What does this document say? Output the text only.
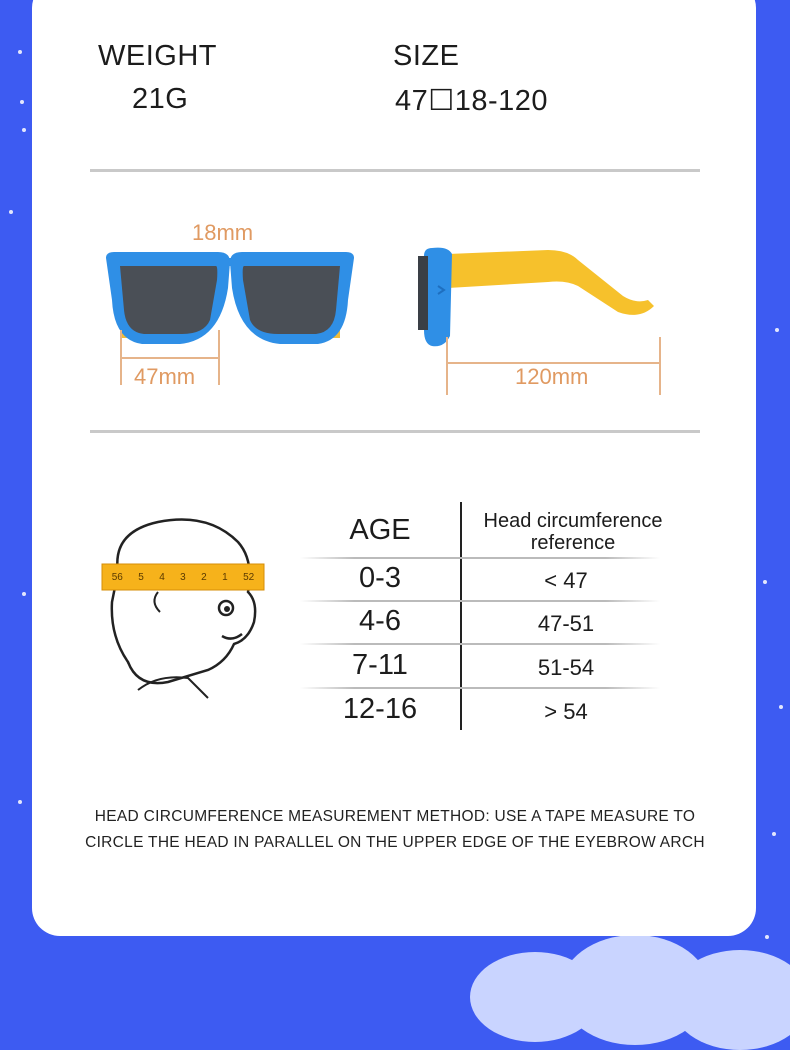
WEIGHT
21G
SIZE
47☐18-120
18mm
47mm	120mm
56 5 4 3 2 1 52
AGE	Head circumference
reference
0-3	< 47
4-6	47-51
7-11	51-54
12-16	> 54
HEAD CIRCUMFERENCE MEASUREMENT METHOD: USE A TAPE MEASURE TO
CIRCLE THE HEAD IN PARALLEL ON THE UPPER EDGE OF THE EYEBROW ARCH
